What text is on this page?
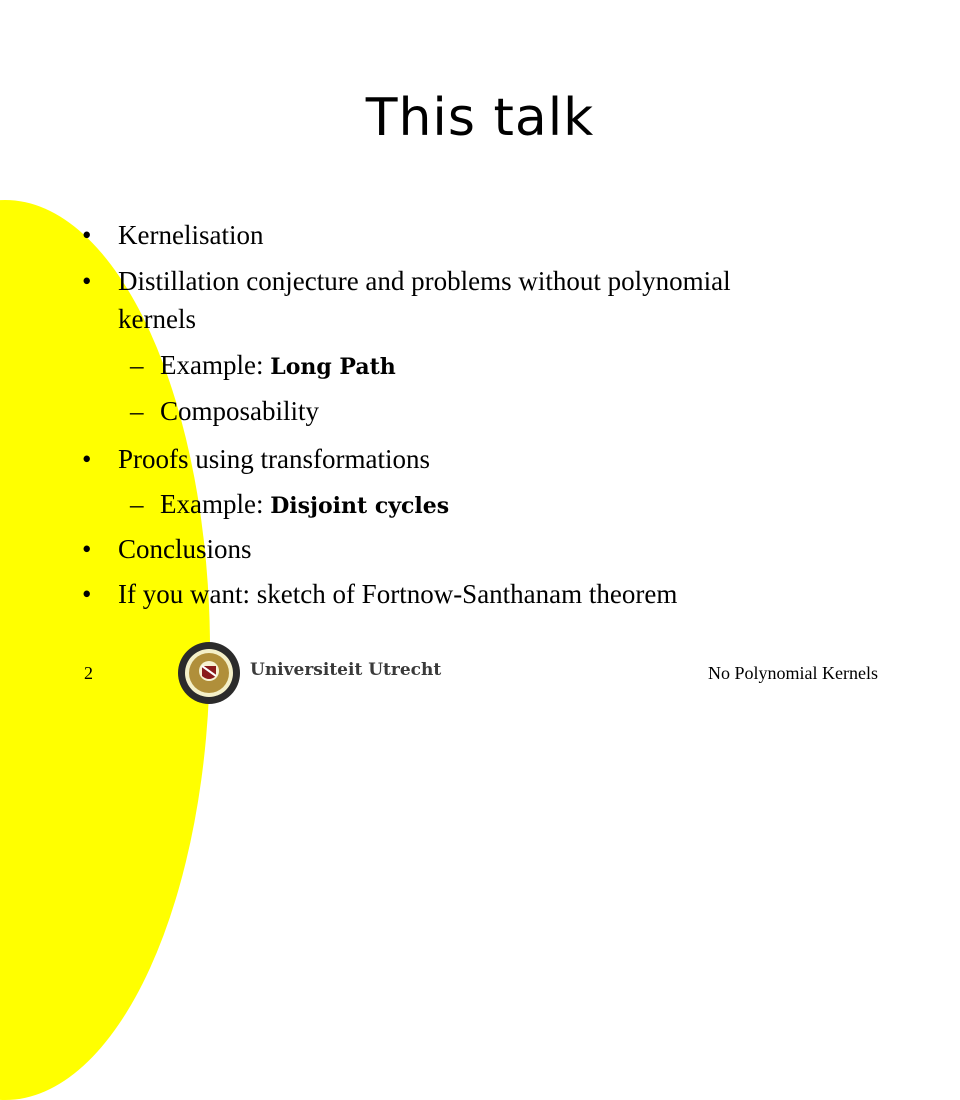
This talk
• Kernelisation
• Distillation conjecture and problems without polynomial
kernels
– Example: Long Path
– Composability
• Proofs using transformations
– Example: Disjoint cycles
• Conclusions
• If you want: sketch of Fortnow-Santhanam theorem
2	Universiteit Utrecht	No Polynomial Kernels
